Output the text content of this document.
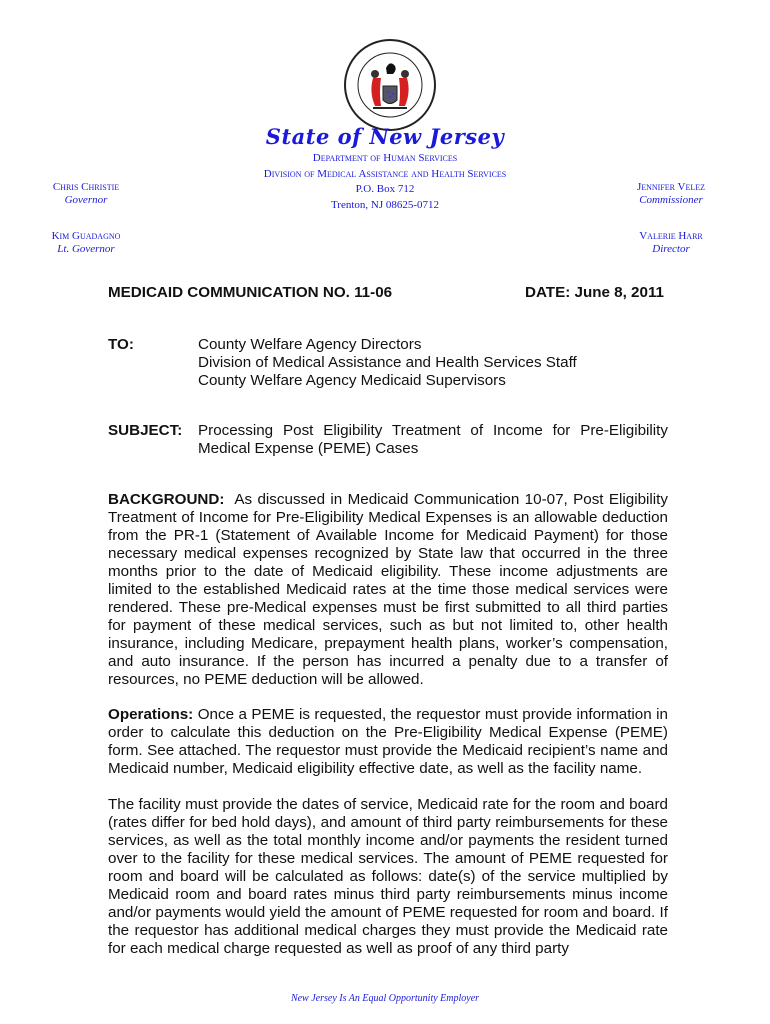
State of New Jersey
Department of Human Services
Division of Medical Assistance and Health Services
P.O. Box 712
Trenton, NJ 08625-0712
Chris Christie
Governor
Kim Guadagno
Lt. Governor
Jennifer Velez
Commissioner
Valerie Harr
Director
MEDICAID COMMUNICATION NO. 11-06	DATE: June 8, 2011
TO:	County Welfare Agency Directors
Division of Medical Assistance and Health Services Staff
County Welfare Agency Medicaid Supervisors
SUBJECT:	Processing Post Eligibility Treatment of Income for Pre-Eligibility Medical Expense (PEME) Cases
BACKGROUND: As discussed in Medicaid Communication 10-07, Post Eligibility Treatment of Income for Pre-Eligibility Medical Expenses is an allowable deduction from the PR-1 (Statement of Available Income for Medicaid Payment) for those necessary medical expenses recognized by State law that occurred in the three months prior to the date of Medicaid eligibility. These income adjustments are limited to the established Medicaid rates at the time those medical services were rendered. These pre-Medical expenses must be first submitted to all third parties for payment of these medical services, such as but not limited to, other health insurance, including Medicare, prepayment health plans, worker’s compensation, and auto insurance. If the person has incurred a penalty due to a transfer of resources, no PEME deduction will be allowed.
Operations: Once a PEME is requested, the requestor must provide information in order to calculate this deduction on the Pre-Eligibility Medical Expense (PEME) form. See attached. The requestor must provide the Medicaid recipient’s name and Medicaid number, Medicaid eligibility effective date, as well as the facility name.
The facility must provide the dates of service, Medicaid rate for the room and board (rates differ for bed hold days), and amount of third party reimbursements for these services, as well as the total monthly income and/or payments the resident turned over to the facility for these medical services. The amount of PEME requested for room and board will be calculated as follows: date(s) of the service multiplied by Medicaid room and board rates minus third party reimbursements minus income and/or payments would yield the amount of PEME requested for room and board. If the requestor has additional medical charges they must provide the Medicaid rate for each medical charge requested as well as proof of any third party
New Jersey Is An Equal Opportunity Employer
